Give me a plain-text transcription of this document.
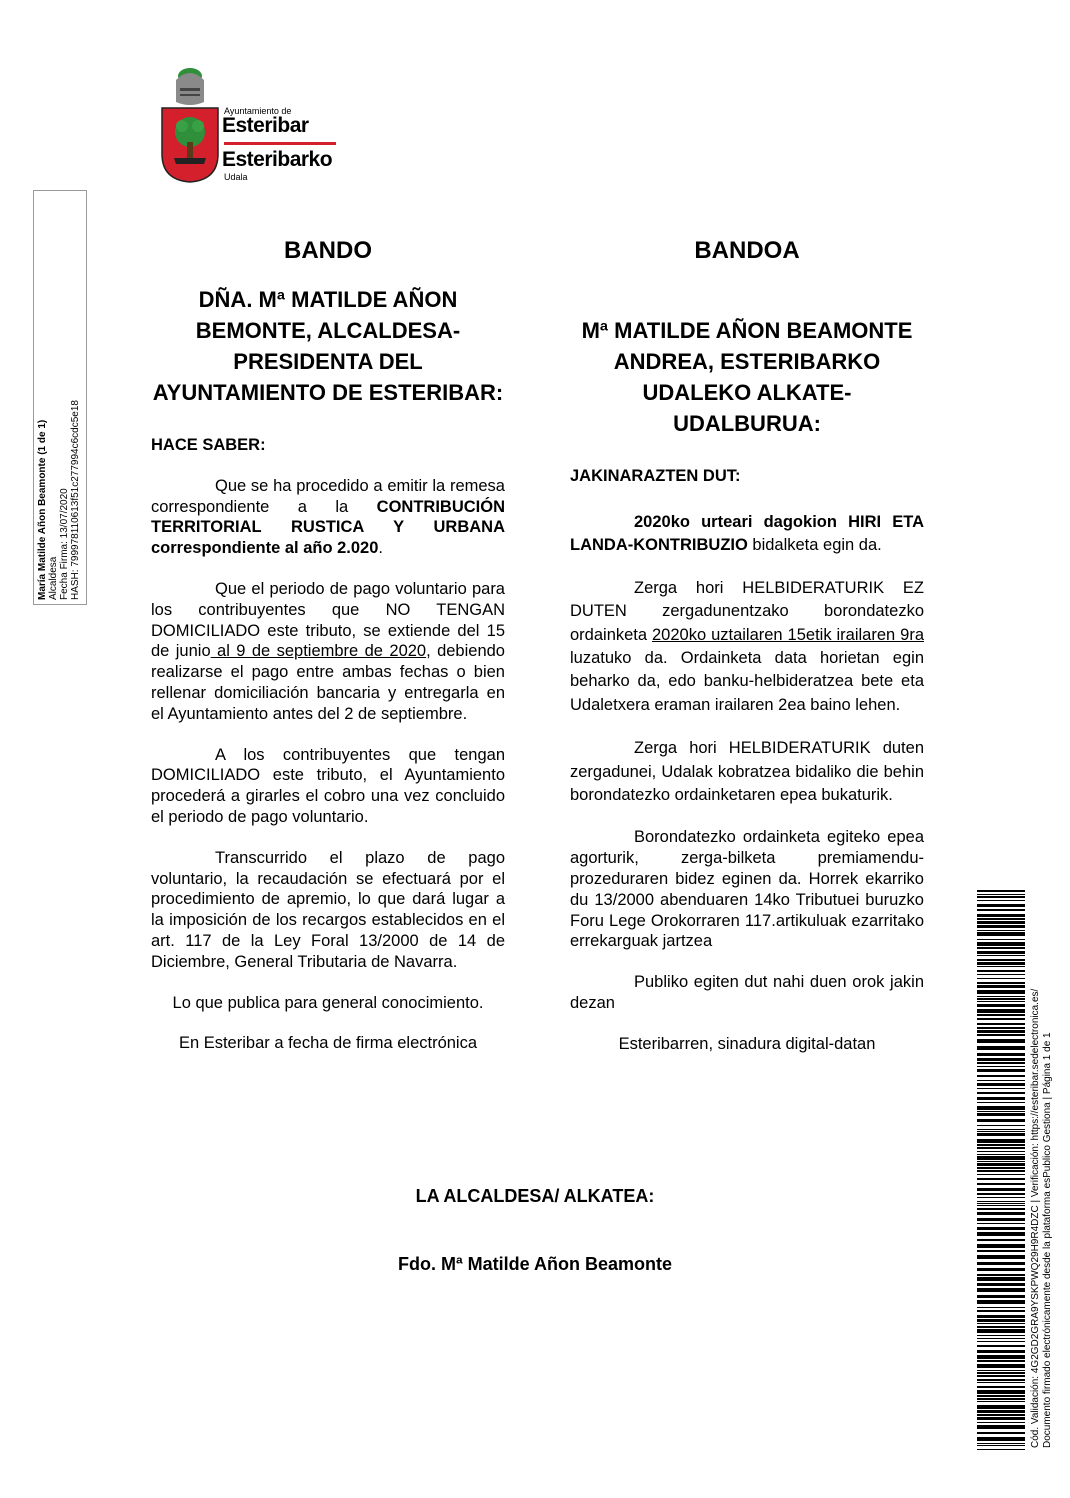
Ayuntamiento de
Esteribar
Esteribarko
Udala
María Matilde Añon Beamonte (1 de 1) Alcaldesa Fecha Firma: 13/07/2020 HASH: 799978110613f51c277994c6cdc5e18
BANDO
DÑA. Mª MATILDE AÑON BEMONTE, ALCALDESA-PRESIDENTA DEL AYUNTAMIENTO DE ESTERIBAR:
HACE SABER:

Que se ha procedido a emitir la remesa correspondiente a la CONTRIBUCIÓN TERRITORIAL RUSTICA Y URBANA correspondiente al año 2.020.

Que el periodo de pago voluntario para los contribuyentes que NO TENGAN DOMICILIADO este tributo, se extiende del 15 de junio al 9 de septiembre de 2020, debiendo realizarse el pago entre ambas fechas o bien rellenar domiciliación bancaria y entregarla en el Ayuntamiento antes del 2 de septiembre.

A los contribuyentes que tengan DOMICILIADO este tributo, el Ayuntamiento procederá a girarles el cobro una vez concluido el periodo de pago voluntario.

Transcurrido el plazo de pago voluntario, la recaudación se efectuará por el procedimiento de apremio, lo que dará lugar a la imposición de los recargos establecidos en el art. 117 de la Ley Foral 13/2000 de 14 de Diciembre, General Tributaria de Navarra.

Lo que publica para general conocimiento.

En Esteribar a fecha de firma electrónica

BANDOA
Mª MATILDE AÑON BEAMONTE ANDREA, ESTERIBARKO UDALEKO ALKATE-UDALBURUA:
JAKINARAZTEN DUT:

2020ko urteari dagokion HIRI ETA LANDA-KONTRIBUZIO bidalketa egin da.

Zerga hori HELBIDERATURIK EZ DUTEN zergadunentzako borondatezko ordainketa 2020ko uztailaren 15etik irailaren 9ra luzatuko da. Ordainketa data horietan egin beharko da, edo banku-helbideratzea bete eta Udaletxera eraman irailaren 2ea baino lehen.

Zerga hori HELBIDERATURIK duten zergadunei, Udalak kobratzea bidaliko die behin borondatezko ordainketaren epea bukaturik.

Borondatezko ordainketa egiteko epea agorturik, zerga-bilketa premiamendu-prozeduraren bidez eginen da. Horrek ekarriko du 13/2000 abenduaren 14ko Tributuei buruzko Foru Lege Orokorraren 117.artikuluak ezarritako errekarguak jartzea

Publiko egiten dut nahi duen orok jakin dezan

Esteribarren, sinadura digital-datan

LA ALCALDESA/ ALKATEA:
Fdo. Mª Matilde Añon Beamonte	Cód. Validación: 4G2GD2GRA9YSKPWQ29H9R4DZC | Verificación: https://esteribar.sedelectronica.es/ Documento firmado electrónicamente desde la plataforma esPublico Gestiona | Página 1 de 1
